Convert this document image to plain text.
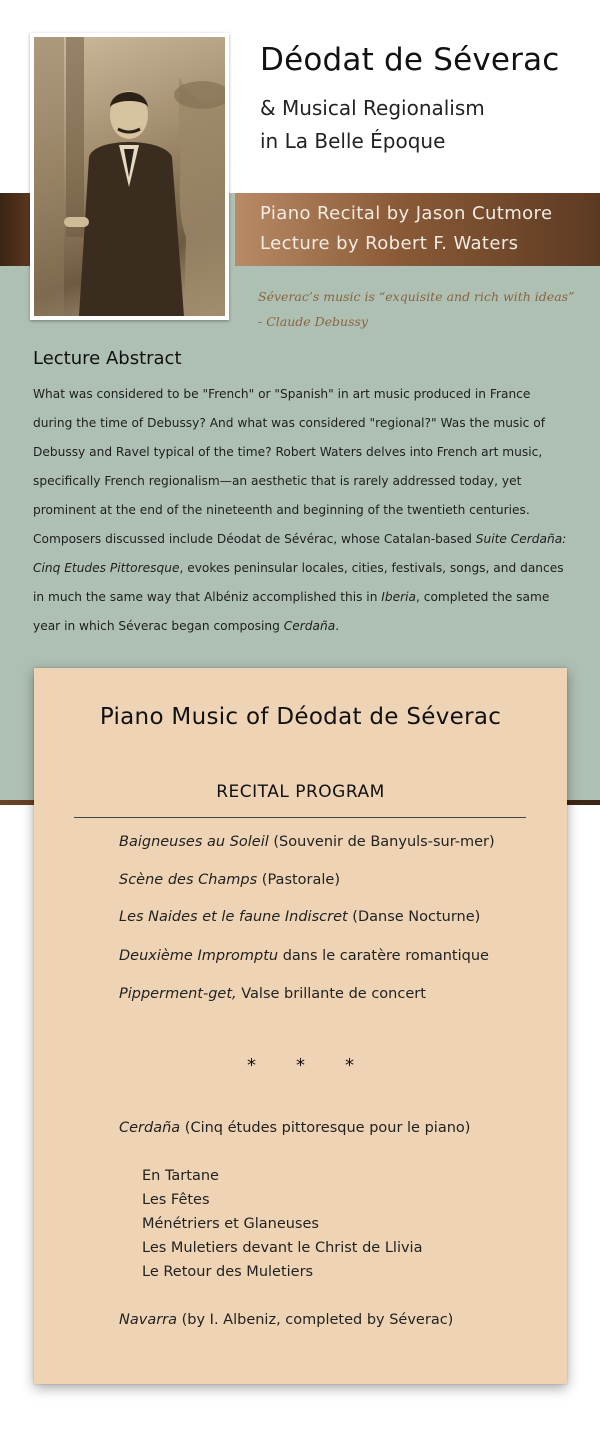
Piano Recital by Jason Cutmore
Lecture by Robert F. Waters
Déodat de Séverac
& Musical Regionalism
in La Belle Époque
Séverac’s music is “exquisite and rich with ideas”
- Claude Debussy
Lecture Abstract
What was considered to be "French" or "Spanish" in art music produced in France during the time of Debussy? And what was considered "regional?" Was the music of Debussy and Ravel typical of the time? Robert Waters delves into French art music, specifically French regionalism—an aesthetic that is rarely addressed today, yet prominent at the end of the nineteenth and beginning of the twentieth centuries. Composers discussed include Déodat de Sévérac, whose Catalan-based Suite Cerdaña: Cinq Etudes Pittoresque, evokes peninsular locales, cities, festivals, songs, and dances in much the same way that Albéniz accomplished this in Iberia, completed the same year in which Séverac began composing Cerdaña.
Piano Music of Déodat de Séverac
RECITAL PROGRAM
Baigneuses au Soleil (Souvenir de Banyuls-sur-mer)
Scène des Champs (Pastorale)
Les Naides et le faune Indiscret (Danse Nocturne)
Deuxième Impromptu dans le caratère romantique
Pipperment-get, Valse brillante de concert
* * *
Cerdaña (Cinq études pittoresque pour le piano)
En Tartane
Les Fêtes
Ménétriers et Glaneuses
Les Muletiers devant le Christ de Llivia
Le Retour des Muletiers
Navarra (by I. Albeniz, completed by Séverac)
